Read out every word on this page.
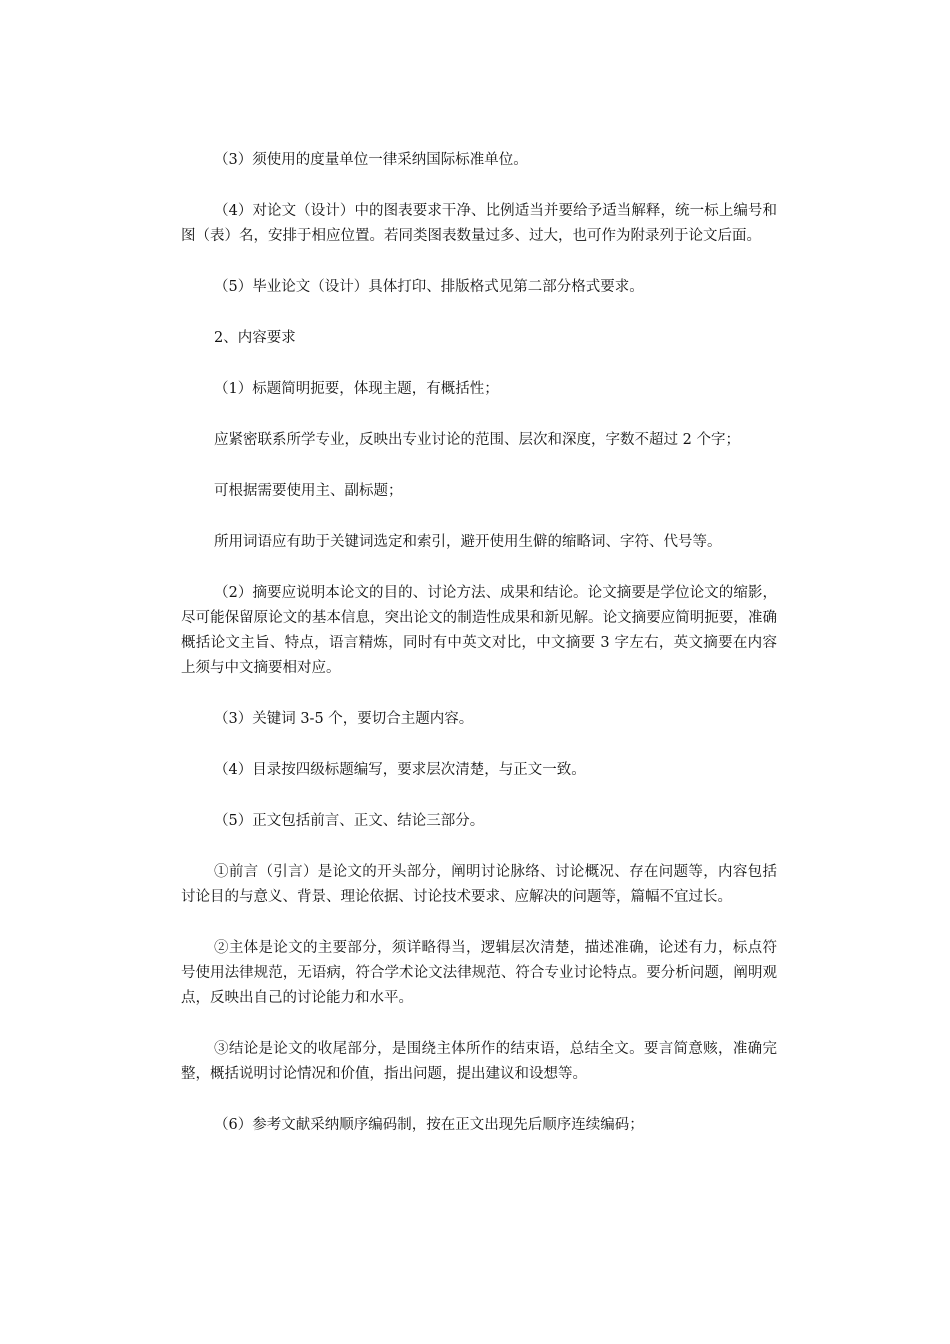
（3）须使用的度量单位一律采纳国际标准单位。

（4）对论文（设计）中的图表要求干净、比例适当并要给予适当解释，统一标上编号和图（表）名，安排于相应位置。若同类图表数量过多、过大，也可作为附录列于论文后面。

（5）毕业论文（设计）具体打印、排版格式见第二部分格式要求。

2、内容要求

（1）标题简明扼要，体现主题，有概括性；

应紧密联系所学专业，反映出专业讨论的范围、层次和深度，字数不超过 2 个字；

可根据需要使用主、副标题；

所用词语应有助于关键词选定和索引，避开使用生僻的缩略词、字符、代号等。

（2）摘要应说明本论文的目的、讨论方法、成果和结论。论文摘要是学位论文的缩影，尽可能保留原论文的基本信息，突出论文的制造性成果和新见解。论文摘要应简明扼要，准确概括论文主旨、特点，语言精炼，同时有中英文对比，中文摘要 3 字左右，英文摘要在内容上须与中文摘要相对应。

（3）关键词 3-5 个，要切合主题内容。

（4）目录按四级标题编写，要求层次清楚，与正文一致。

（5）正文包括前言、正文、结论三部分。

①前言（引言）是论文的开头部分，阐明讨论脉络、讨论概况、存在问题等，内容包括讨论目的与意义、背景、理论依据、讨论技术要求、应解决的问题等，篇幅不宜过长。

②主体是论文的主要部分，须详略得当，逻辑层次清楚，描述准确，论述有力，标点符号使用法律规范，无语病，符合学术论文法律规范、符合专业讨论特点。要分析问题，阐明观点，反映出自己的讨论能力和水平。

③结论是论文的收尾部分，是围绕主体所作的结束语，总结全文。要言简意赅，准确完整，概括说明讨论情况和价值，指出问题，提出建议和设想等。

（6）参考文献采纳顺序编码制，按在正文出现先后顺序连续编码；
